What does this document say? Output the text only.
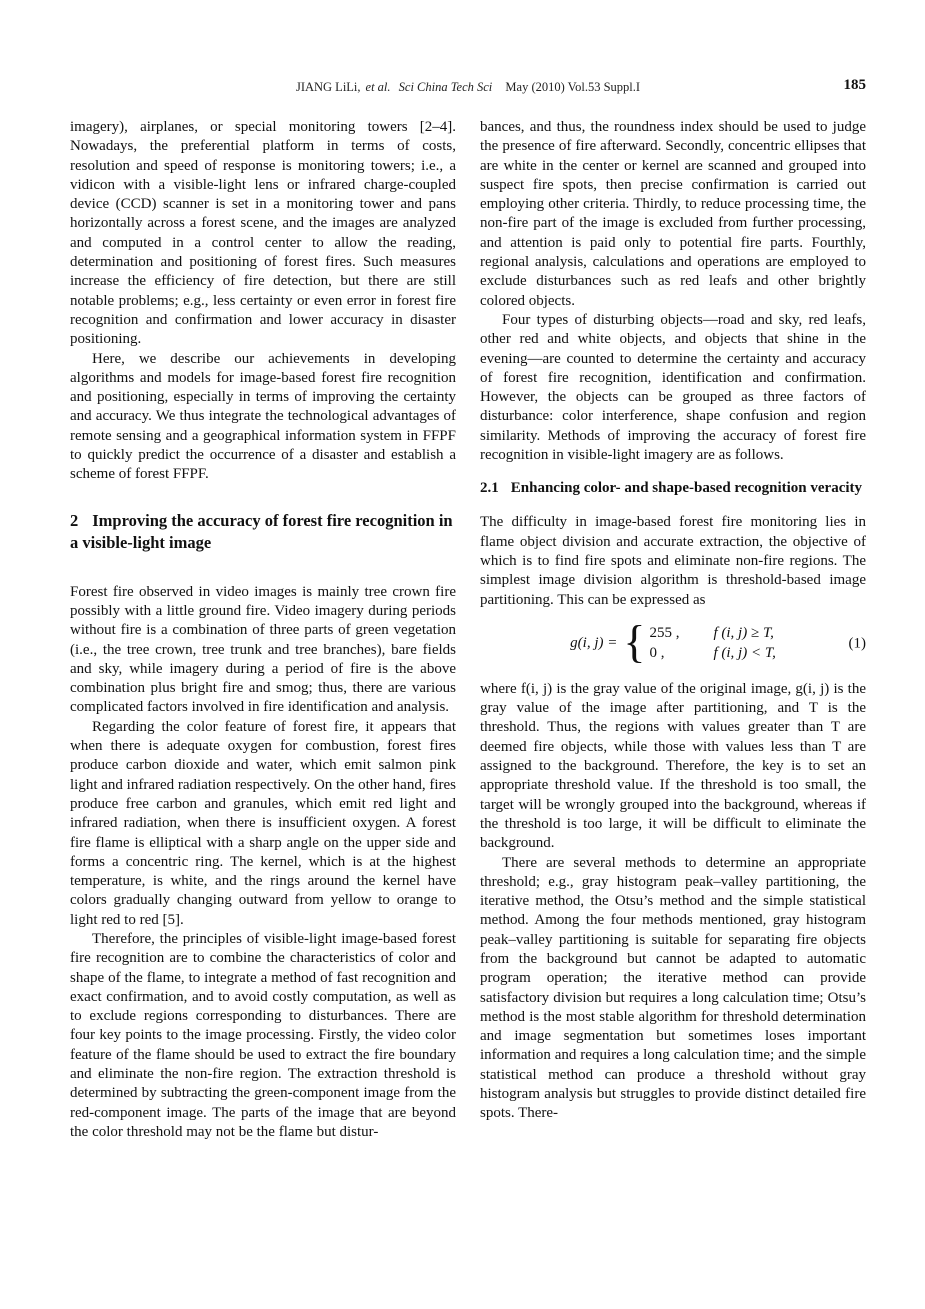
JIANG LiLi, et al. Sci China Tech Sci May (2010) Vol.53 Suppl.I	185

imagery), airplanes, or special monitoring towers [2–4]. Nowadays, the preferential platform in terms of costs, resolution and speed of response is monitoring towers; i.e., a vidicon with a visible-light lens or infrared charge-coupled device (CCD) scanner is set in a monitoring tower and pans horizontally across a forest scene, and the images are analyzed and computed in a control center to allow the reading, determination and positioning of forest fires. Such measures increase the efficiency of fire detection, but there are still notable problems; e.g., less certainty or even error in forest fire recognition and confirmation and lower accuracy in disaster positioning.

Here, we describe our achievements in developing algorithms and models for image-based forest fire recognition and positioning, especially in terms of improving the certainty and accuracy. We thus integrate the technological advantages of remote sensing and a geographical information system in FFPF to quickly predict the occurrence of a disaster and establish a scheme of forest FFPF.

2 Improving the accuracy of forest fire recognition in a visible-light image

Forest fire observed in video images is mainly tree crown fire possibly with a little ground fire. Video imagery during periods without fire is a combination of three parts of green vegetation (i.e., the tree crown, tree trunk and tree branches), bare fields and sky, while imagery during a period of fire is the above combination plus bright fire and smog; thus, there are various complicated factors involved in fire identification and analysis.

Regarding the color feature of forest fire, it appears that when there is adequate oxygen for combustion, forest fires produce carbon dioxide and water, which emit salmon pink light and infrared radiation respectively. On the other hand, fires produce free carbon and granules, which emit red light and infrared radiation, when there is insufficient oxygen. A forest fire flame is elliptical with a sharp angle on the upper side and forms a concentric ring. The kernel, which is at the highest temperature, is white, and the rings around the kernel have colors gradually changing outward from yellow to orange to light red to red [5].

Therefore, the principles of visible-light image-based forest fire recognition are to combine the characteristics of color and shape of the flame, to integrate a method of fast recognition and exact confirmation, and to avoid costly computation, as well as to exclude regions corresponding to disturbances. There are four key points to the image processing. Firstly, the video color feature of the flame should be used to extract the fire boundary and eliminate the non-fire region. The extraction threshold is determined by subtracting the green-component image from the red-component image. The parts of the image that are beyond the color threshold may not be the flame but distur-

bances, and thus, the roundness index should be used to judge the presence of fire afterward. Secondly, concentric ellipses that are white in the center or kernel are scanned and grouped into suspect fire spots, then precise confirmation is carried out employing other criteria. Thirdly, to reduce processing time, the non-fire part of the image is excluded from further processing, and attention is paid only to potential fire parts. Fourthly, regional analysis, calculations and operations are employed to exclude disturbances such as red leafs and other brightly colored objects.

Four types of disturbing objects—road and sky, red leafs, other red and white objects, and objects that shine in the evening—are counted to determine the certainty and accuracy of forest fire recognition, identification and confirmation. However, the objects can be grouped as three factors of disturbance: color interference, shape confusion and region similarity. Methods of improving the accuracy of forest fire recognition in visible-light imagery are as follows.

2.1 Enhancing color- and shape-based recognition veracity

The difficulty in image-based forest fire monitoring lies in flame object division and accurate extraction, the objective of which is to find fire spots and eliminate non-fire regions. The simplest image division algorithm is threshold-based image partitioning. This can be expressed as

g(i, j) = { 255 , f (i, j) ≥ T,
0 ,	f (i, j) < T,
(1)

where f(i, j) is the gray value of the original image, g(i, j) is the gray value of the image after partitioning, and T is the threshold. Thus, the regions with values greater than T are deemed fire objects, while those with values less than T are assigned to the background. Therefore, the key is to set an appropriate threshold value. If the threshold is too small, the target will be wrongly grouped into the background, whereas if the threshold is too large, it will be difficult to eliminate the background.

There are several methods to determine an appropriate threshold; e.g., gray histogram peak–valley partitioning, the iterative method, the Otsu’s method and the simple statistical method. Among the four methods mentioned, gray histogram peak–valley partitioning is suitable for separating fire objects from the background but cannot be adapted to automatic program operation; the iterative method can provide satisfactory division but requires a long calculation time; Otsu’s method is the most stable algorithm for threshold determination and image segmentation but sometimes loses important information and requires a long calculation time; and the simple statistical method can produce a threshold without gray histogram analysis but struggles to provide distinct detailed fire spots. There-
